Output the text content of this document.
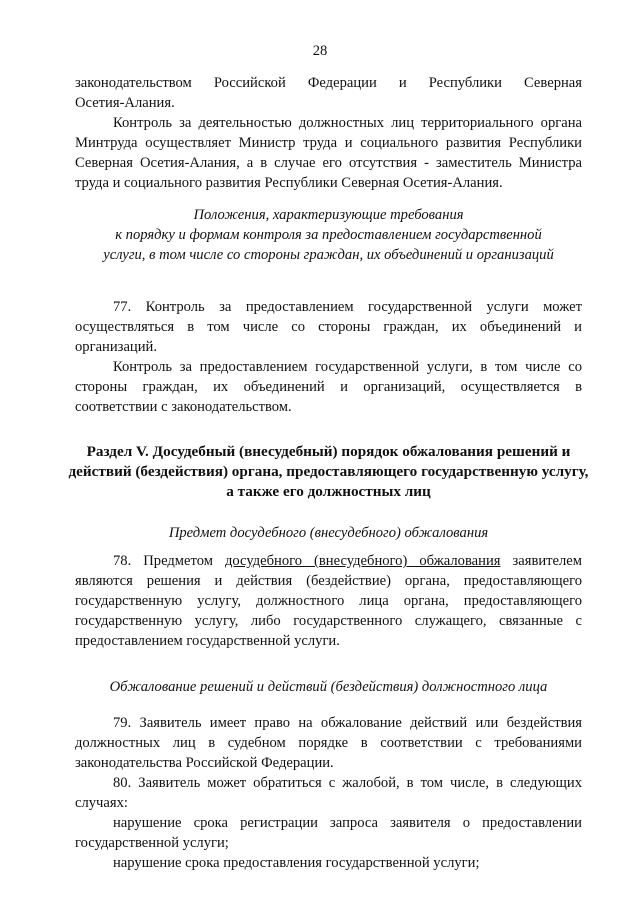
28

законодательством Российской Федерации и Республики Северная

Осетия-Алания.

Контроль за деятельностью должностных лиц территориального органа Минтруда осуществляет Министр труда и социального развития Республики Северная Осетия-Алания, а в случае его отсутствия - заместитель Министра труда и социального развития Республики Северная Осетия-Алания.

Положения, характеризующие требования

к порядку и формам контроля за предоставлением государственной

услуги, в том числе со стороны граждан, их объединений и организаций

77. Контроль за предоставлением государственной услуги может осуществляться в том числе со стороны граждан, их объединений и организаций.

Контроль за предоставлением государственной услуги, в том числе со стороны граждан, их объединений и организаций, осуществляется в соответствии с законодательством.

Раздел V. Досудебный (внесудебный) порядок обжалования решений и

действий (бездействия) органа, предоставляющего государственную услугу,

а также его должностных лиц

Предмет досудебного (внесудебного) обжалования

78. Предметом досудебного (внесудебного) обжалования заявителем являются решения и действия (бездействие) органа, предоставляющего государственную услугу, должностного лица органа, предоставляющего государственную услугу, либо государственного служащего, связанные с предоставлением государственной услуги.

Обжалование решений и действий (бездействия) должностного лица

79. Заявитель имеет право на обжалование действий или бездействия должностных лиц в судебном порядке в соответствии с требованиями законодательства Российской Федерации.

80. Заявитель может обратиться с жалобой, в том числе, в следующих случаях:

нарушение срока регистрации запроса заявителя о предоставлении государственной услуги;

нарушение срока предоставления государственной услуги;
